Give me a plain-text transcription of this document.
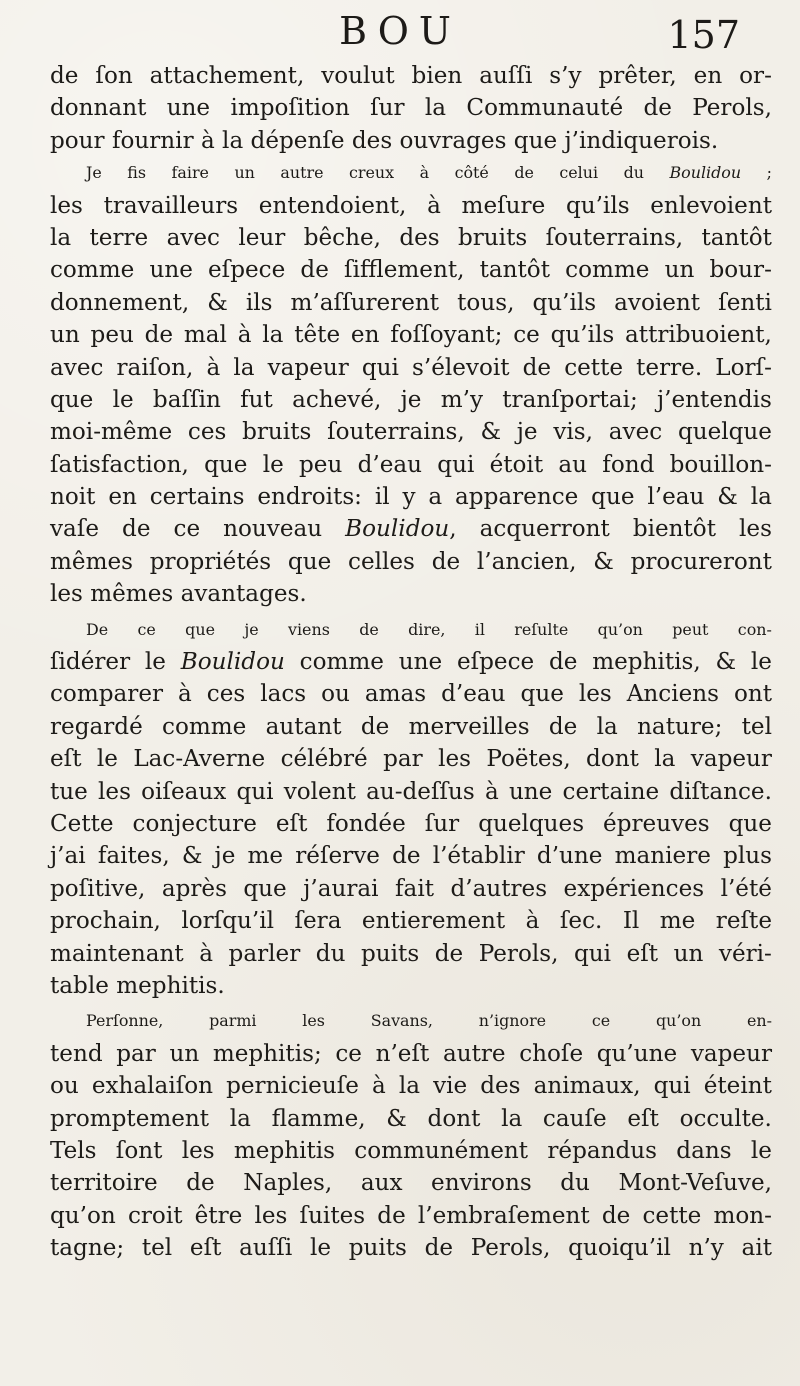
BOU	157
de ſon attachement, voulut bien auſſi s’y prêter, en or-
donnant une impoſition ſur la Communauté de Perols,
pour fournir à la dépenſe des ouvrages que j’indiquerois.
Je fis faire un autre creux à côté de celui du Boulidou ;
les travailleurs entendoient, à meſure qu’ils enlevoient
la terre avec leur bêche, des bruits ſouterrains, tantôt
comme une eſpece de ſifflement, tantôt comme un bour-
donnement, & ils m’aſſurerent tous, qu’ils avoient ſenti
un peu de mal à la tête en foſſoyant; ce qu’ils attribuoient,
avec raiſon, à la vapeur qui s’élevoit de cette terre. Lorſ-
que le baſſin fut achevé, je m’y tranſportai; j’entendis
moi-même ces bruits ſouterrains, & je vis, avec quelque
ſatisfaction, que le peu d’eau qui étoit au fond bouillon-
noit en certains endroits: il y a apparence que l’eau & la
vaſe de ce nouveau Boulidou, acquerront bientôt les
mêmes propriétés que celles de l’ancien, & procureront
les mêmes avantages.
De ce que je viens de dire, il reſulte qu’on peut con-
ſidérer le Boulidou comme une eſpece de mephitis, & le
comparer à ces lacs ou amas d’eau que les Anciens ont
regardé comme autant de merveilles de la nature; tel
eſt le Lac-Averne célébré par les Poëtes, dont la vapeur
tue les oiſeaux qui volent au-deſſus à une certaine diſtance.
Cette conjecture eſt fondée ſur quelques épreuves que
j’ai faites, & je me réſerve de l’établir d’une maniere plus
poſitive, après que j’aurai fait d’autres expériences l’été
prochain, lorſqu’il ſera entierement à ſec. Il me reſte
maintenant à parler du puits de Perols, qui eſt un véri-
table mephitis.
Perſonne,	parmi	les	Savans,	n’ignore	ce	qu’on	en-
tend par un mephitis; ce n’eſt autre choſe qu’une vapeur
ou exhalaiſon pernicieuſe à la vie des animaux, qui éteint
promptement la flamme, & dont la cauſe eſt occulte.
Tels ſont les mephitis communément répandus dans le
territoire de Naples, aux environs du Mont-Veſuve,
qu’on croit être les ſuites de l’embraſement de cette mon-
tagne; tel eſt auſſi le puits de Perols, quoiqu’il n’y ait
